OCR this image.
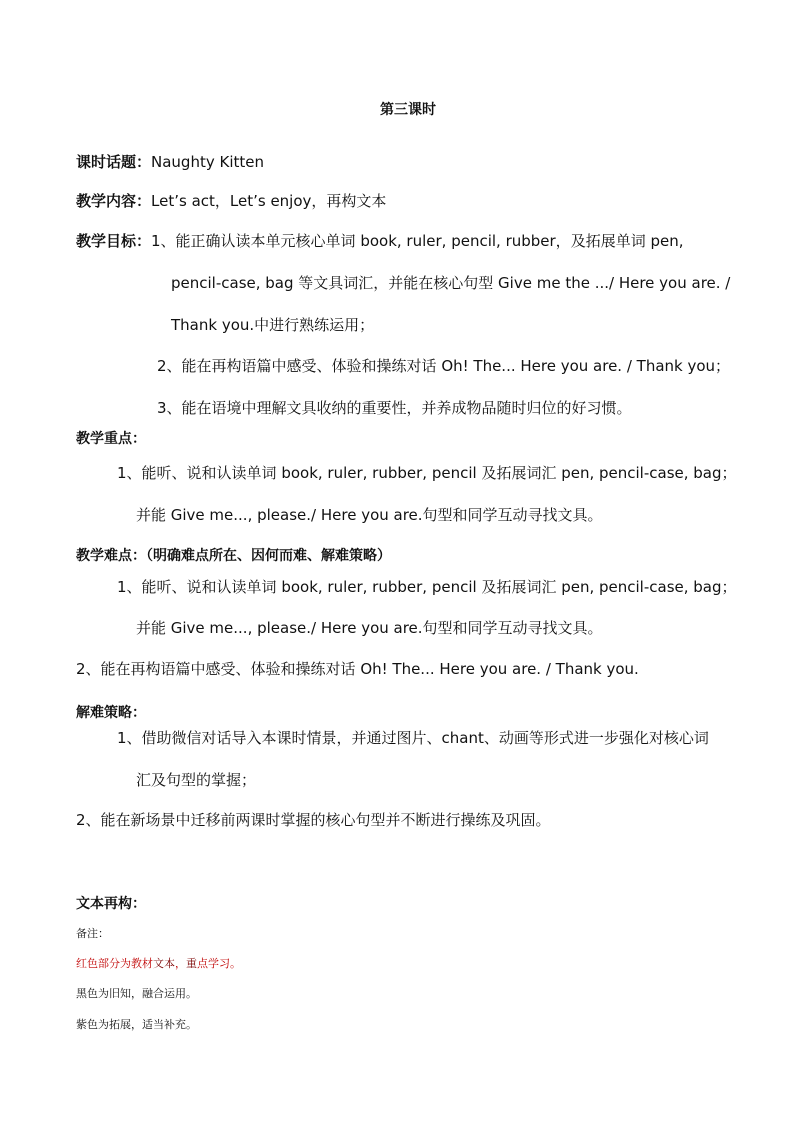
第三课时
课时话题：Naughty Kitten
教学内容：Let’s act，Let’s enjoy，再构文本
教学目标：1、能正确认读本单元核心单词 book, ruler, pencil, rubber，及拓展单词 pen,
pencil-case, bag 等文具词汇，并能在核心句型 Give me the .../ Here you are. /
Thank you.中进行熟练运用；
2、能在再构语篇中感受、体验和操练对话 Oh! The... Here you are. / Thank you；
3、能在语境中理解文具收纳的重要性，并养成物品随时归位的好习惯。
教学重点：
1、能听、说和认读单词 book, ruler, rubber, pencil 及拓展词汇 pen, pencil-case, bag；
并能 Give me..., please./ Here you are.句型和同学互动寻找文具。
教学难点：（明确难点所在、因何而难、解难策略）
1、能听、说和认读单词 book, ruler, rubber, pencil 及拓展词汇 pen, pencil-case, bag；
并能 Give me..., please./ Here you are.句型和同学互动寻找文具。
2、能在再构语篇中感受、体验和操练对话 Oh! The... Here you are. / Thank you.
解难策略：
1、借助微信对话导入本课时情景，并通过图片、chant、动画等形式进一步强化对核心词
汇及句型的掌握；
2、能在新场景中迁移前两课时掌握的核心句型并不断进行操练及巩固。
文本再构：
备注：
红色部分为教材文本，重点学习。
黑色为旧知，融合运用。
紫色为拓展，适当补充。
